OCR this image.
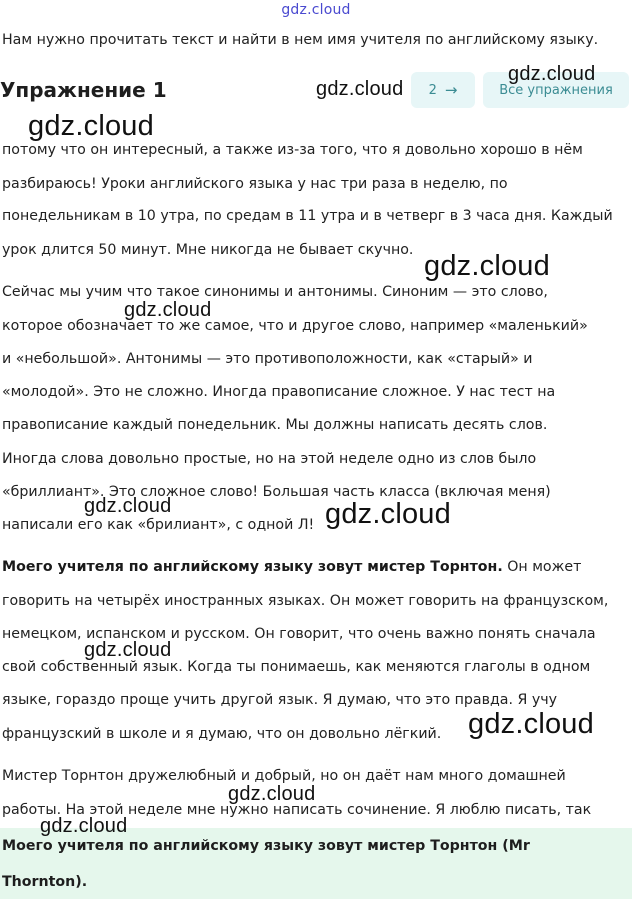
gdz.cloud
Нам нужно прочитать текст и найти в нем имя учителя по английскому языку.
Упражнение 1	2 →	Все упражнения

потому что он интересный, а также из-за того, что я довольно хорошо в нём

разбираюсь! Уроки английского языка у нас три раза в неделю, по

понедельникам в 10 утра, по средам в 11 утра и в четверг в 3 часа дня. Каждый

урок длится 50 минут. Мне никогда не бывает скучно.

Сейчас мы учим что такое синонимы и антонимы. Синоним — это слово,

которое обозначает то же самое, что и другое слово, например «маленький»

и «небольшой». Антонимы — это противоположности, как «старый» и

«молодой». Это не сложно. Иногда правописание сложное. У нас тест на

правописание каждый понедельник. Мы должны написать десять слов.

Иногда слова довольно простые, но на этой неделе одно из слов было

«бриллиант». Это сложное слово! Большая часть класса (включая меня)

написали его как «брилиант», с одной Л!

Моего учителя по английскому языку зовут мистер Торнтон. Он может

говорить на четырёх иностранных языках. Он может говорить на французском,

немецком, испанском и русском. Он говорит, что очень важно понять сначала

свой собственный язык. Когда ты понимаешь, как меняются глаголы в одном

языке, гораздо проще учить другой язык. Я думаю, что это правда. Я учу

французский в школе и я думаю, что он довольно лёгкий.

Мистер Торнтон дружелюбный и добрый, но он даёт нам много домашней

работы. На этой неделе мне нужно написать сочинение. Я люблю писать, так

Моего учителя по английскому языку зовут мистер Торнтон (Mr

Thornton).

gdz.cloud
gdz.cloud
gdz.cloud
gdz.cloud
gdz.cloud
gdz.cloud	gdz.cloud
gdz.cloud
gdz.cloud
gdz.cloud
gdz.cloud
